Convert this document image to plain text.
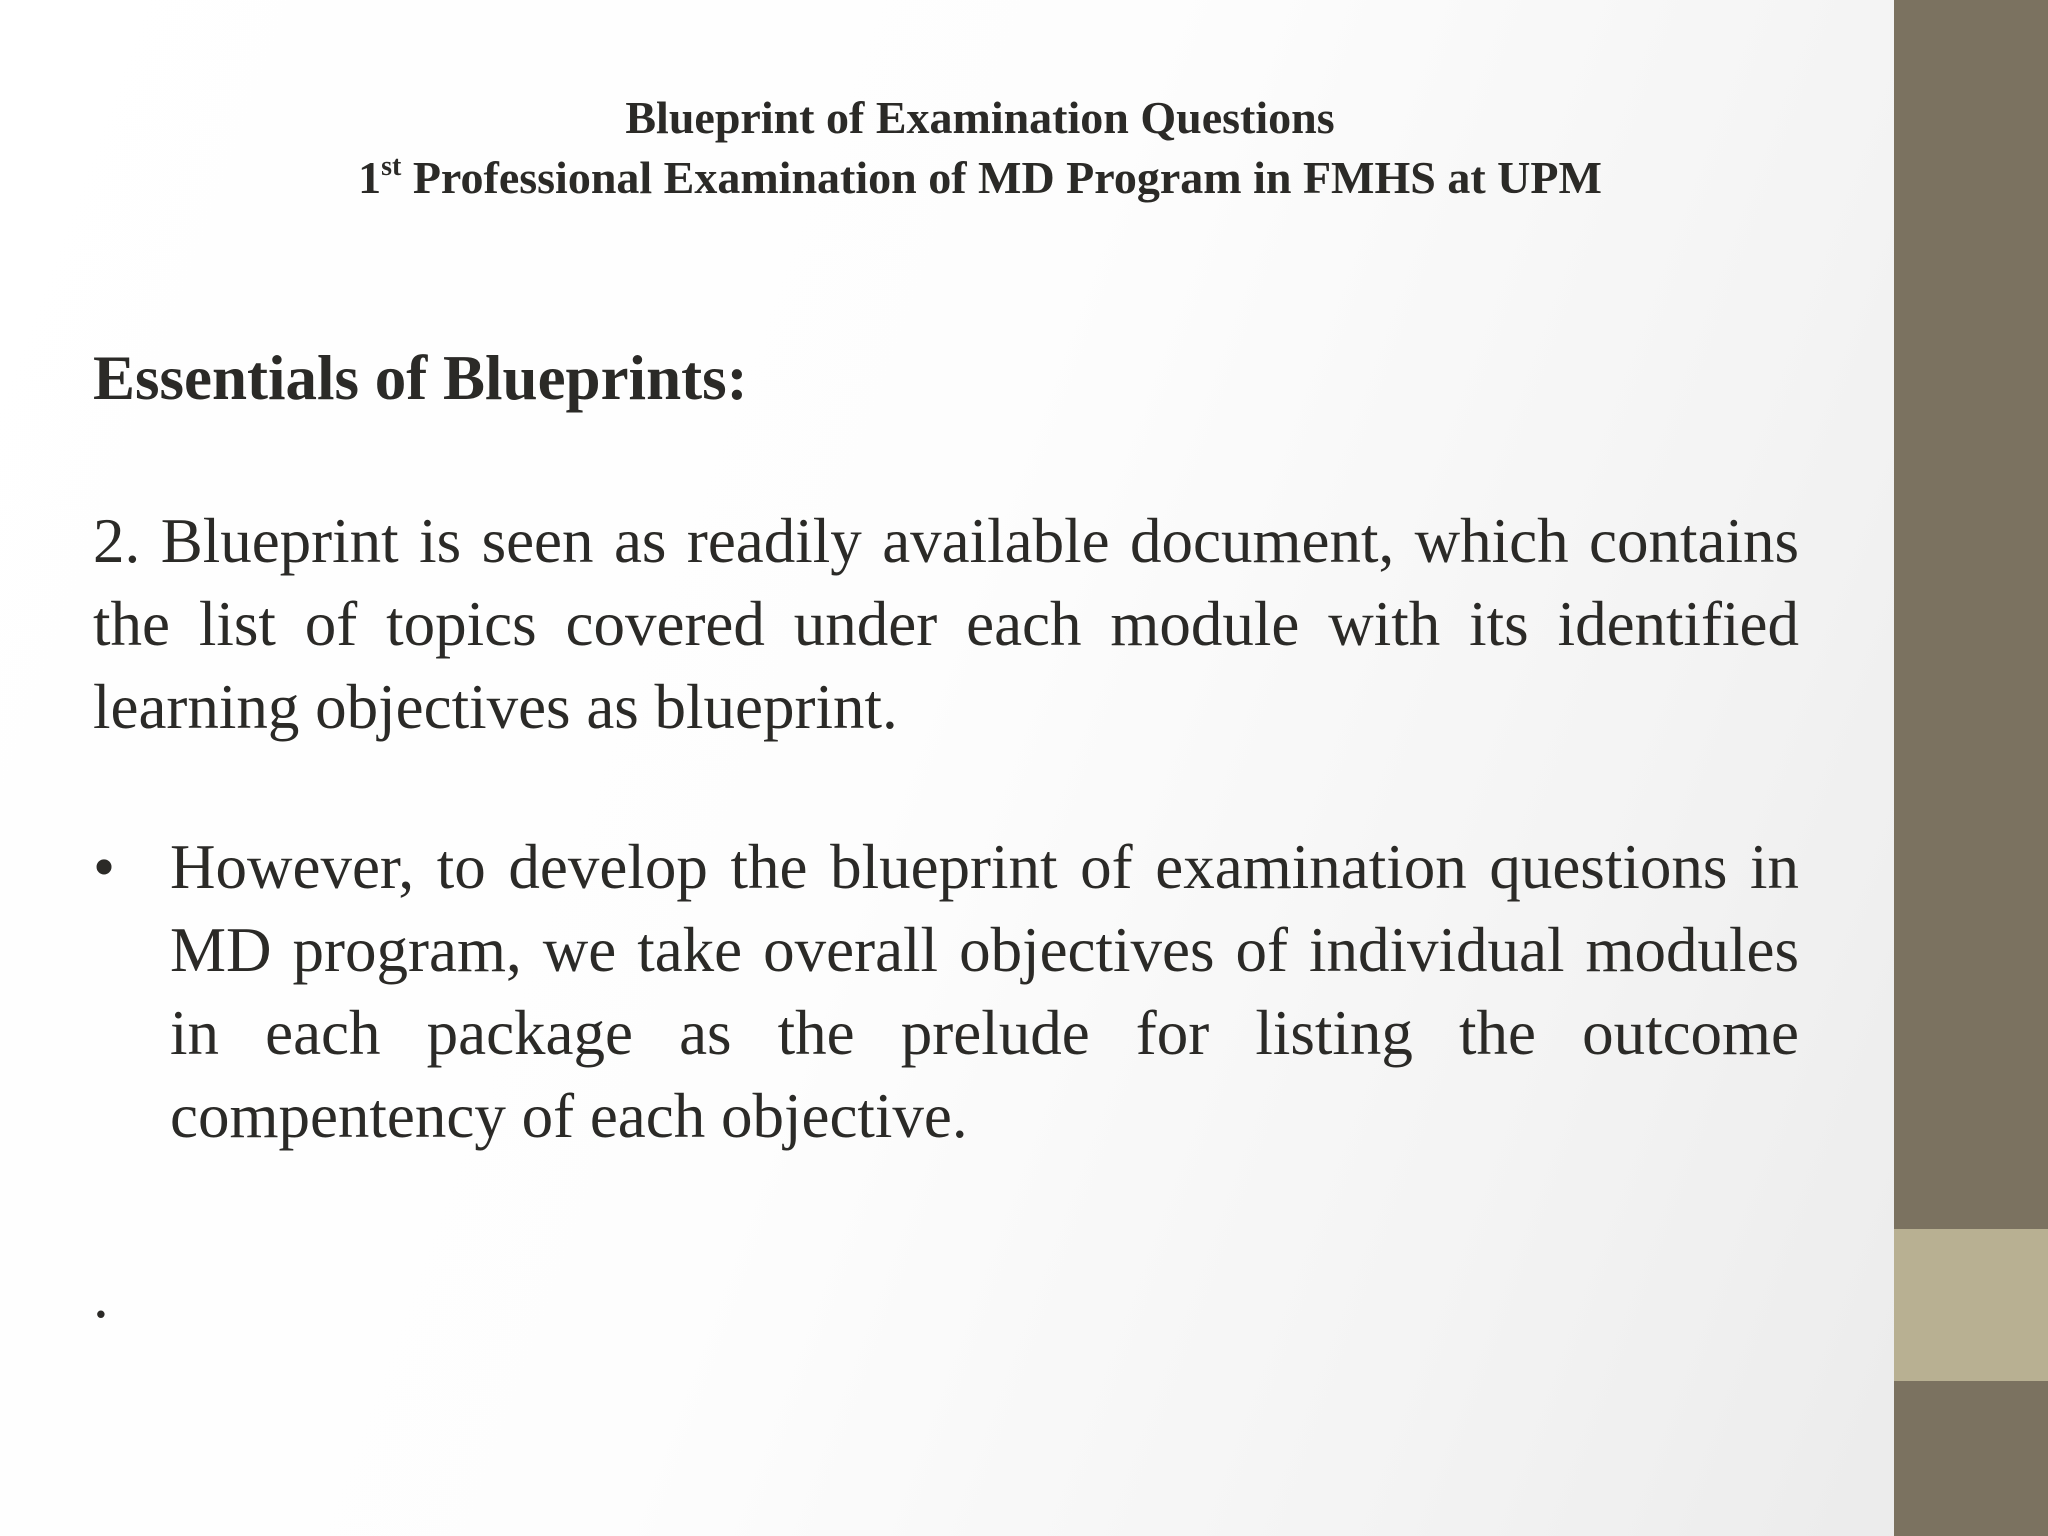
Blueprint of Examination Questions
1st Professional Examination of MD Program in FMHS at UPM
Essentials of Blueprints:
2. Blueprint is seen as readily available document, which contains the list of topics covered under each module with its identified learning objectives as blueprint.
• However, to develop the blueprint of examination questions in MD program, we take overall objectives of individual modules in each package as the prelude for listing the outcome compentency of each objective.
.
